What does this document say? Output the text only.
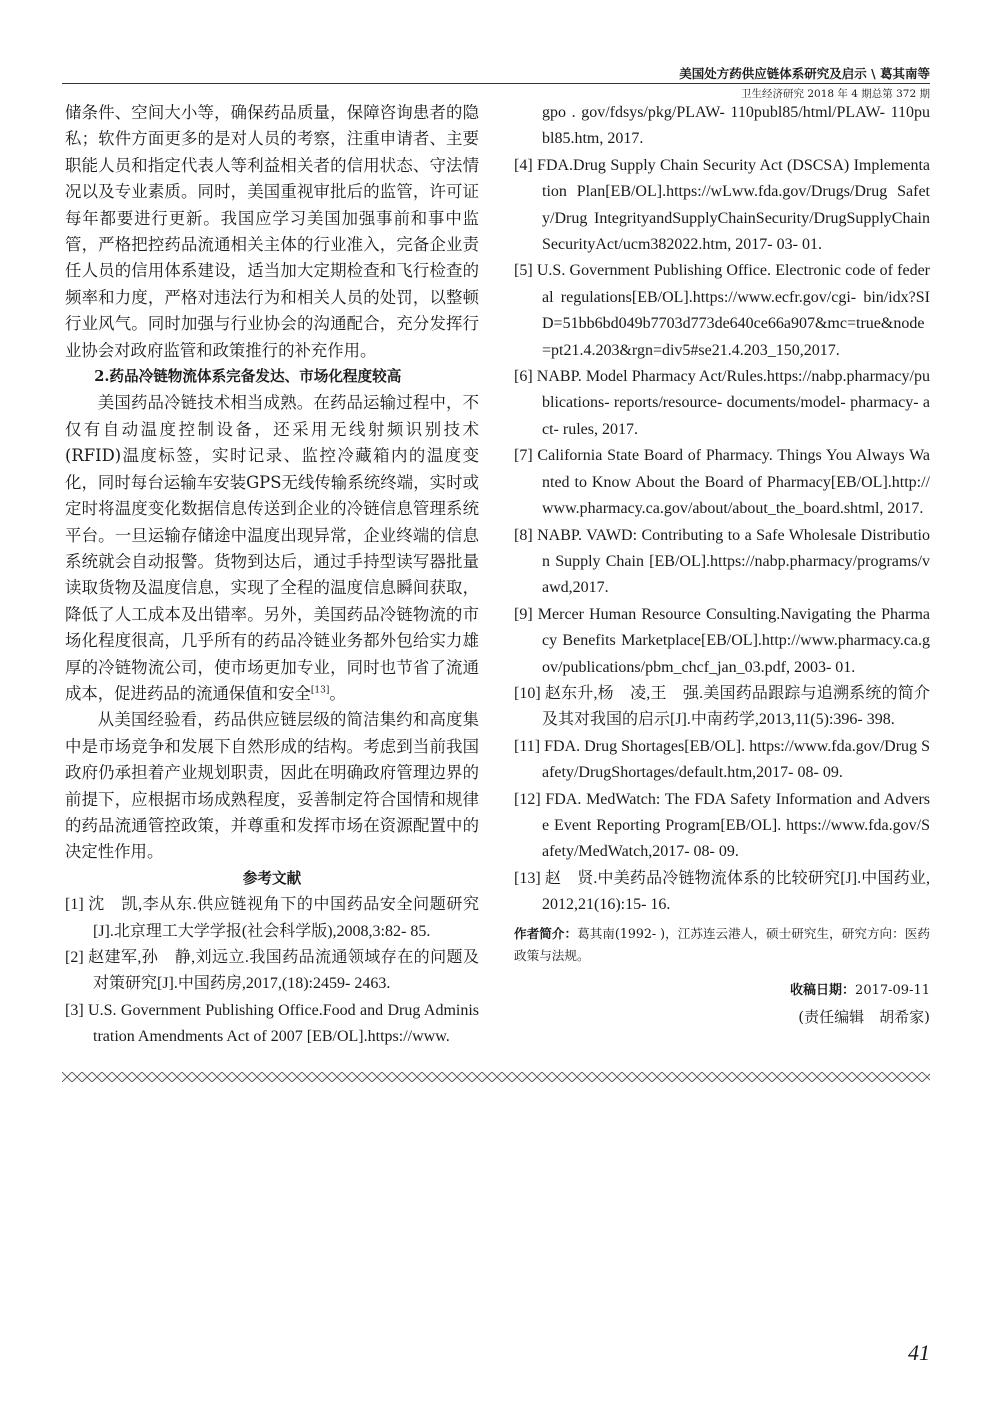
美国处方药供应链体系研究及启示 \ 葛其南等
卫生经济研究 2018 年 4 期总第 372 期

储条件、空间大小等，确保药品质量，保障咨询患者的隐私；软件方面更多的是对人员的考察，注重申请者、主要职能人员和指定代表人等利益相关者的信用状态、守法情况以及专业素质。同时，美国重视审批后的监管，许可证每年都要进行更新。我国应学习美国加强事前和事中监管，严格把控药品流通相关主体的行业准入，完备企业责任人员的信用体系建设，适当加大定期检查和飞行检查的频率和力度，严格对违法行为和相关人员的处罚，以整顿行业风气。同时加强与行业协会的沟通配合，充分发挥行业协会对政府监管和政策推行的补充作用。

2.药品冷链物流体系完备发达、市场化程度较高

美国药品冷链技术相当成熟。在药品运输过程中，不仅有自动温度控制设备，还采用无线射频识别技术(RFID)温度标签，实时记录、监控冷藏箱内的温度变化，同时每台运输车安装GPS无线传输系统终端，实时或定时将温度变化数据信息传送到企业的冷链信息管理系统平台。一旦运输存储途中温度出现异常，企业终端的信息系统就会自动报警。货物到达后，通过手持型读写器批量读取货物及温度信息，实现了全程的温度信息瞬间获取，降低了人工成本及出错率。另外，美国药品冷链物流的市场化程度很高，几乎所有的药品冷链业务都外包给实力雄厚的冷链物流公司，使市场更加专业，同时也节省了流通成本，促进药品的流通保值和安全[13]。

从美国经验看，药品供应链层级的简洁集约和高度集中是市场竞争和发展下自然形成的结构。考虑到当前我国政府仍承担着产业规划职责，因此在明确政府管理边界的前提下，应根据市场成熟程度，妥善制定符合国情和规律的药品流通管控政策，并尊重和发挥市场在资源配置中的决定性作用。

参考文献

[1] 沈　凯,李从东.供应链视角下的中国药品安全问题研究[J].北京理工大学学报(社会科学版),2008,3:82- 85.

[2] 赵建军,孙　静,刘远立.我国药品流通领域存在的问题及对策研究[J].中国药房,2017,(18):2459- 2463.

[3] U.S. Government Publishing Office.Food and Drug Administration Amendments Act of 2007 [EB/OL].https://www.

gpo . gov/fdsys/pkg/PLAW- 110publ85/html/PLAW- 110publ85.htm, 2017.

[4] FDA.Drug Supply Chain Security Act (DSCSA) Implementation Plan[EB/OL].https://wLww.fda.gov/Drugs/Drug Safety/Drug IntegrityandSupplyChainSecurity/DrugSupplyChainSecurityAct/ucm382022.htm, 2017- 03- 01.

[5] U.S. Government Publishing Office. Electronic code of federal regulations[EB/OL].https://www.ecfr.gov/cgi- bin/idx?SID=51bb6bd049b7703d773de640ce66a907&mc=true&node=pt21.4.203&rgn=div5#se21.4.203_150,2017.

[6] NABP. Model Pharmacy Act/Rules.https://nabp.pharmacy/publications- reports/resource- documents/model- pharmacy- act- rules, 2017.

[7] California State Board of Pharmacy. Things You Always Wanted to Know About the Board of Pharmacy[EB/OL].http://www.pharmacy.ca.gov/about/about_the_board.shtml, 2017.

[8] NABP. VAWD: Contributing to a Safe Wholesale Distribution Supply Chain [EB/OL].https://nabp.pharmacy/programs/vawd,2017.

[9] Mercer Human Resource Consulting.Navigating the Pharmacy Benefits Marketplace[EB/OL].http://www.pharmacy.ca.gov/publications/pbm_chcf_jan_03.pdf, 2003- 01.

[10] 赵东升,杨　凌,王　强.美国药品跟踪与追溯系统的简介及其对我国的启示[J].中南药学,2013,11(5):396- 398.

[11] FDA. Drug Shortages[EB/OL]. https://www.fda.gov/Drug Safety/DrugShortages/default.htm,2017- 08- 09.

[12] FDA. MedWatch: The FDA Safety Information and Adverse Event Reporting Program[EB/OL]. https://www.fda.gov/Safety/MedWatch,2017- 08- 09.

[13] 赵　贤.中美药品冷链物流体系的比较研究[J].中国药业,2012,21(16):15- 16.

作者简介：葛其南(1992- )，江苏连云港人，硕士研究生，研究方向：医药政策与法规。

收稿日期：2017-09-11

(责任编辑　胡希家)

41
